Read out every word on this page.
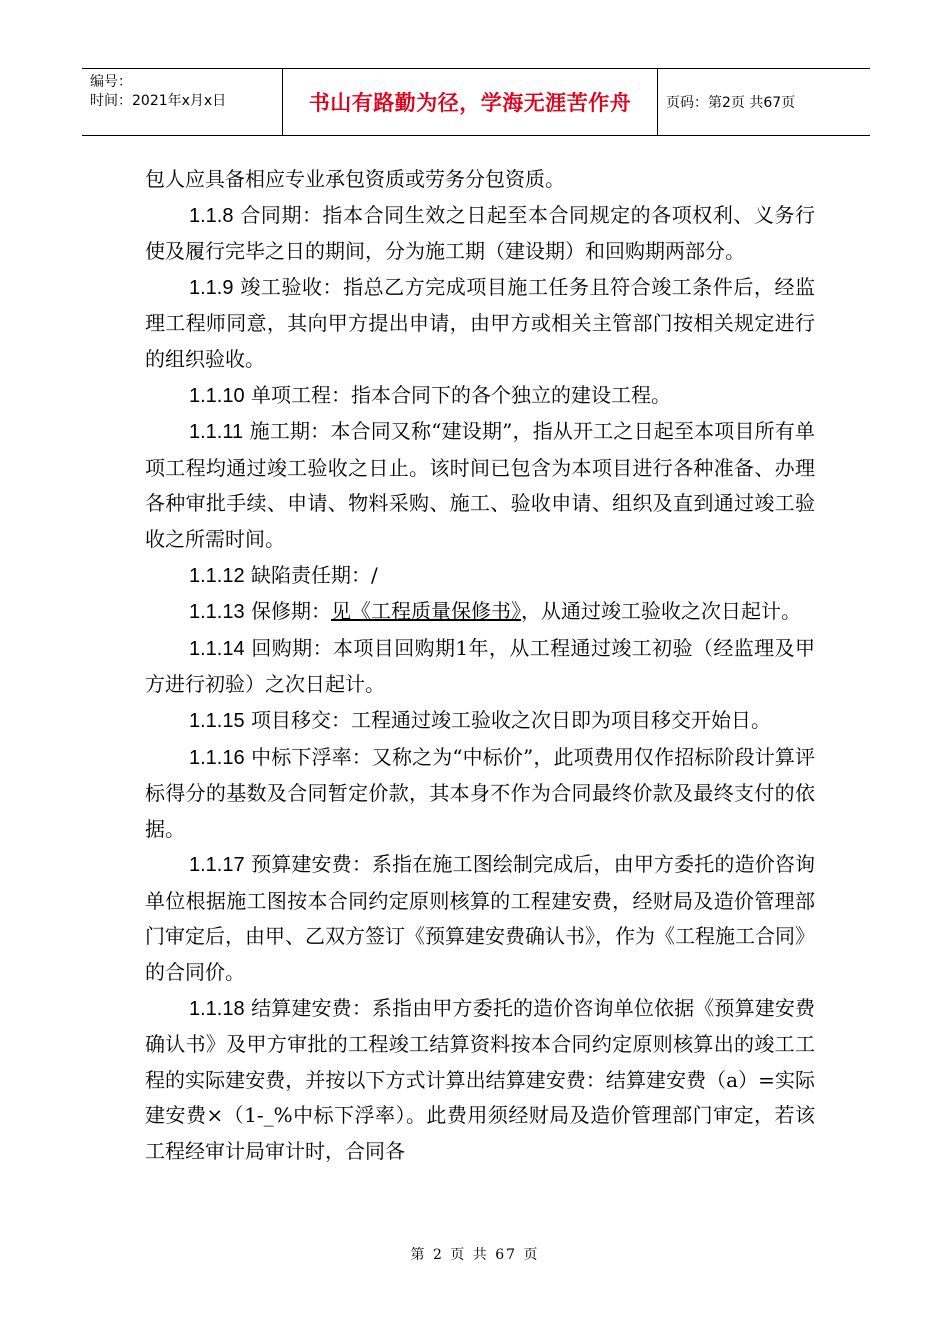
编号：
时间：2021年x月x日	书山有路勤为径，学海无涯苦作舟	页码：第2页 共67页

包人应具备相应专业承包资质或劳务分包资质。

1.1.8 合同期：指本合同生效之日起至本合同规定的各项权利、义务行使及履行完毕之日的期间，分为施工期（建设期）和回购期两部分。

1.1.9 竣工验收：指总乙方完成项目施工任务且符合竣工条件后，经监理工程师同意，其向甲方提出申请，由甲方或相关主管部门按相关规定进行的组织验收。

1.1.10 单项工程：指本合同下的各个独立的建设工程。

1.1.11 施工期：本合同又称“建设期”，指从开工之日起至本项目所有单项工程均通过竣工验收之日止。该时间已包含为本项目进行各种准备、办理各种审批手续、申请、物料采购、施工、验收申请、组织及直到通过竣工验收之所需时间。

1.1.12 缺陷责任期：/

1.1.13 保修期：见《工程质量保修书》，从通过竣工验收之次日起计。

1.1.14 回购期：本项目回购期1年，从工程通过竣工初验（经监理及甲方进行初验）之次日起计。

1.1.15 项目移交：工程通过竣工验收之次日即为项目移交开始日。

1.1.16 中标下浮率：又称之为“中标价”，此项费用仅作招标阶段计算评标得分的基数及合同暂定价款，其本身不作为合同最终价款及最终支付的依据。

1.1.17 预算建安费：系指在施工图绘制完成后，由甲方委托的造价咨询单位根据施工图按本合同约定原则核算的工程建安费，经财局及造价管理部门审定后，由甲、乙双方签订《预算建安费确认书》，作为《工程施工合同》的合同价。

1.1.18 结算建安费：系指由甲方委托的造价咨询单位依据《预算建安费确认书》及甲方审批的工程竣工结算资料按本合同约定原则核算出的竣工工程的实际建安费，并按以下方式计算出结算建安费：结算建安费（a）=实际建安费×（1-_%中标下浮率）。此费用须经财局及造价管理部门审定，若该工程经审计局审计时，合同各

第 2 页 共 67 页
